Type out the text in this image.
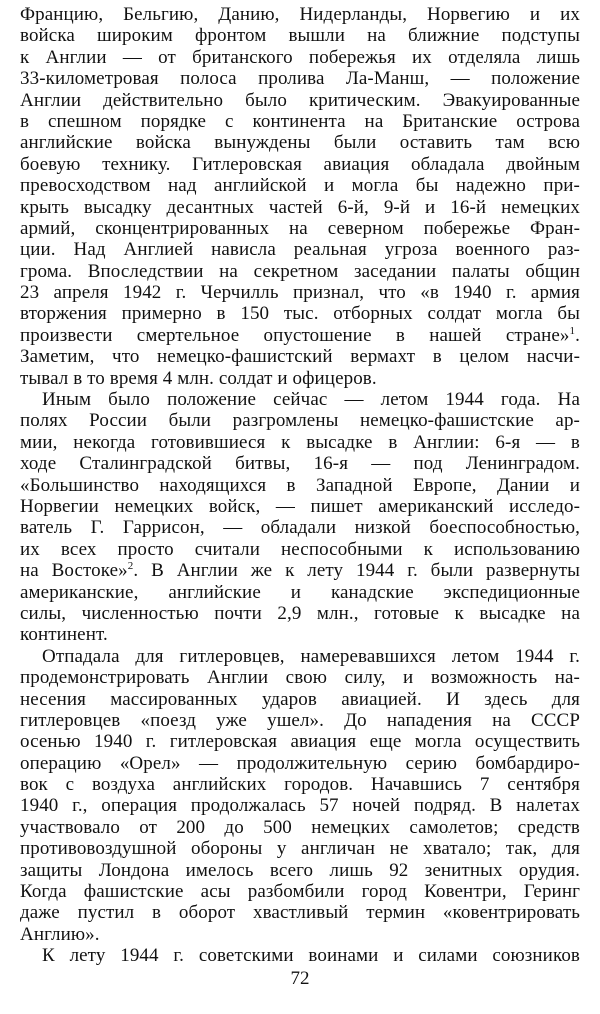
Францию, Бельгию, Данию, Нидерланды, Норвегию и их
войска широким фронтом вышли на ближние подступы
к Англии — от британского побережья их отделяла лишь
33-километровая полоса пролива Ла-Манш, — положение
Англии действительно было критическим. Эвакуированные
в спешном порядке с континента на Британские острова
английские войска вынуждены были оставить там всю
боевую технику. Гитлеровская авиация обладала двойным
превосходством над английской и могла бы надежно при-
крыть высадку десантных частей 6-й, 9-й и 16-й немецких
армий, сконцентрированных на северном побережье Фран-
ции. Над Англией нависла реальная угроза военного раз-
грома. Впоследствии на секретном заседании палаты общин
23 апреля 1942 г. Черчилль признал, что «в 1940 г. армия
вторжения примерно в 150 тыс. отборных солдат могла бы
произвести смертельное опустошение в нашей стране»$^1$.
Заметим, что немецко-фашистский вермахт в целом насчи-
тывал в то время 4 млн. солдат и офицеров.
Иным было положение сейчас — летом 1944 года. На
полях России были разгромлены немецко-фашистские ар-
мии, некогда готовившиеся к высадке в Англии: 6-я — в
ходе Сталинградской битвы, 16-я — под Ленинградом.
«Большинство находящихся в Западной Европе, Дании и
Норвегии немецких войск, — пишет американский исследо-
ватель Г. Гаррисон, — обладали низкой боеспособностью,
их всех просто считали неспособными к использованию
на Востоке»$^2$. В Англии же к лету 1944 г. были развернуты
американские, английские и канадские экспедиционные
силы, численностью почти 2,9 млн., готовые к высадке на
континент.
Отпадала для гитлеровцев, намеревавшихся летом 1944 г.
продемонстрировать Англии свою силу, и возможность на-
несения массированных ударов авиацией. И здесь для
гитлеровцев «поезд уже ушел». До нападения на СССР
осенью 1940 г. гитлеровская авиация еще могла осуществить
операцию «Орел» — продолжительную серию бомбардиро-
вок с воздуха английских городов. Начавшись 7 сентября
1940 г., операция продолжалась 57 ночей подряд. В налетах
участвовало от 200 до 500 немецких самолетов; средств
противовоздушной обороны у англичан не хватало; так, для
защиты Лондона имелось всего лишь 92 зенитных орудия.
Когда фашистские асы разбомбили город Ковентри, Геринг
даже пустил в оборот хвастливый термин «ковентрировать
Англию».
К лету 1944 г. советскими воинами и силами союзников
72
